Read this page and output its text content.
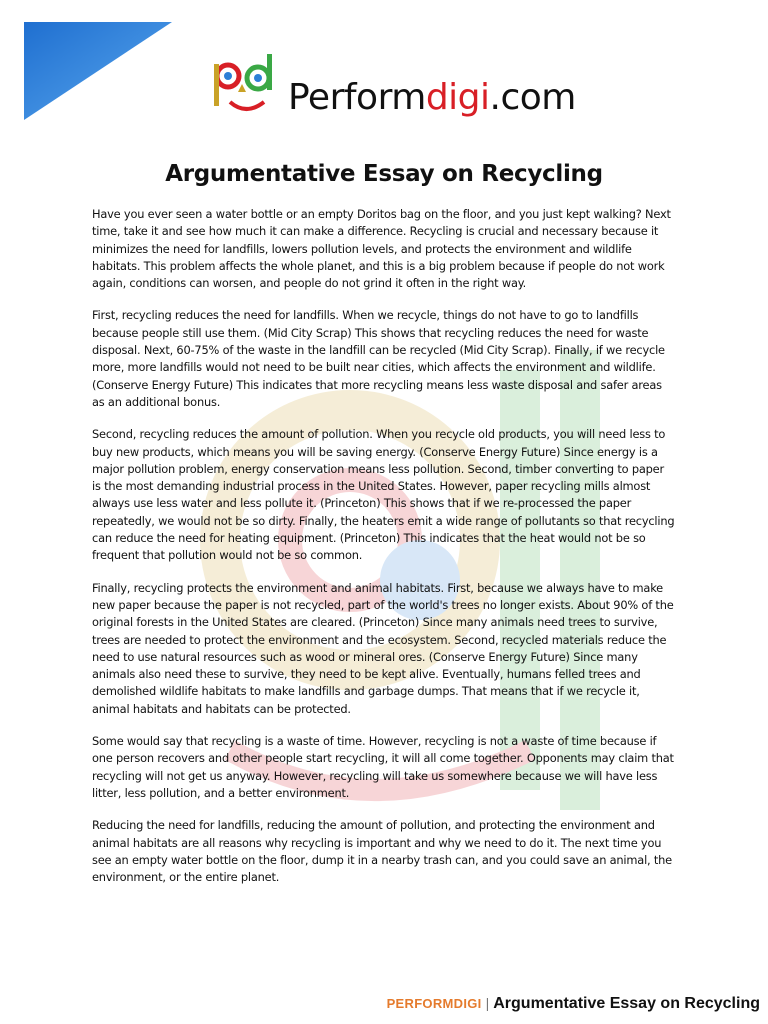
Performdigi.com
Argumentative Essay on Recycling

Have you ever seen a water bottle or an empty Doritos bag on the floor, and you just kept walking? Next time, take it and see how much it can make a difference. Recycling is crucial and necessary because it minimizes the need for landfills, lowers pollution levels, and protects the environment and wildlife habitats. This problem affects the whole planet, and this is a big problem because if people do not work again, conditions can worsen, and people do not grind it often in the right way.

First, recycling reduces the need for landfills. When we recycle, things do not have to go to landfills because people still use them. (Mid City Scrap) This shows that recycling reduces the need for waste disposal. Next, 60-75% of the waste in the landfill can be recycled (Mid City Scrap). Finally, if we recycle more, more landfills would not need to be built near cities, which affects the environment and wildlife. (Conserve Energy Future) This indicates that more recycling means less waste disposal and safer areas as an additional bonus.

Second, recycling reduces the amount of pollution. When you recycle old products, you will need less to buy new products, which means you will be saving energy. (Conserve Energy Future) Since energy is a major pollution problem, energy conservation means less pollution. Second, timber converting to paper is the most demanding industrial process in the United States. However, paper recycling mills almost always use less water and less pollute it. (Princeton) This shows that if we re-processed the paper repeatedly, we would not be so dirty. Finally, the heaters emit a wide range of pollutants so that recycling can reduce the need for heating equipment. (Princeton) This indicates that the heat would not be so frequent that pollution would not be so common.

Finally, recycling protects the environment and animal habitats. First, because we always have to make new paper because the paper is not recycled, part of the world's trees no longer exists. About 90% of the original forests in the United States are cleared. (Princeton) Since many animals need trees to survive, trees are needed to protect the environment and the ecosystem. Second, recycled materials reduce the need to use natural resources such as wood or mineral ores. (Conserve Energy Future) Since many animals also need these to survive, they need to be kept alive. Eventually, humans felled trees and demolished wildlife habitats to make landfills and garbage dumps. That means that if we recycle it, animal habitats and habitats can be protected.

Some would say that recycling is a waste of time. However, recycling is not a waste of time because if one person recovers and other people start recycling, it will all come together. Opponents may claim that recycling will not get us anyway. However, recycling will take us somewhere because we will have less litter, less pollution, and a better environment.

Reducing the need for landfills, reducing the amount of pollution, and protecting the environment and animal habitats are all reasons why recycling is important and why we need to do it. The next time you see an empty water bottle on the floor, dump it in a nearby trash can, and you could save an animal, the environment, or the entire planet.

PERFORMDIGI | Argumentative Essay on Recycling
